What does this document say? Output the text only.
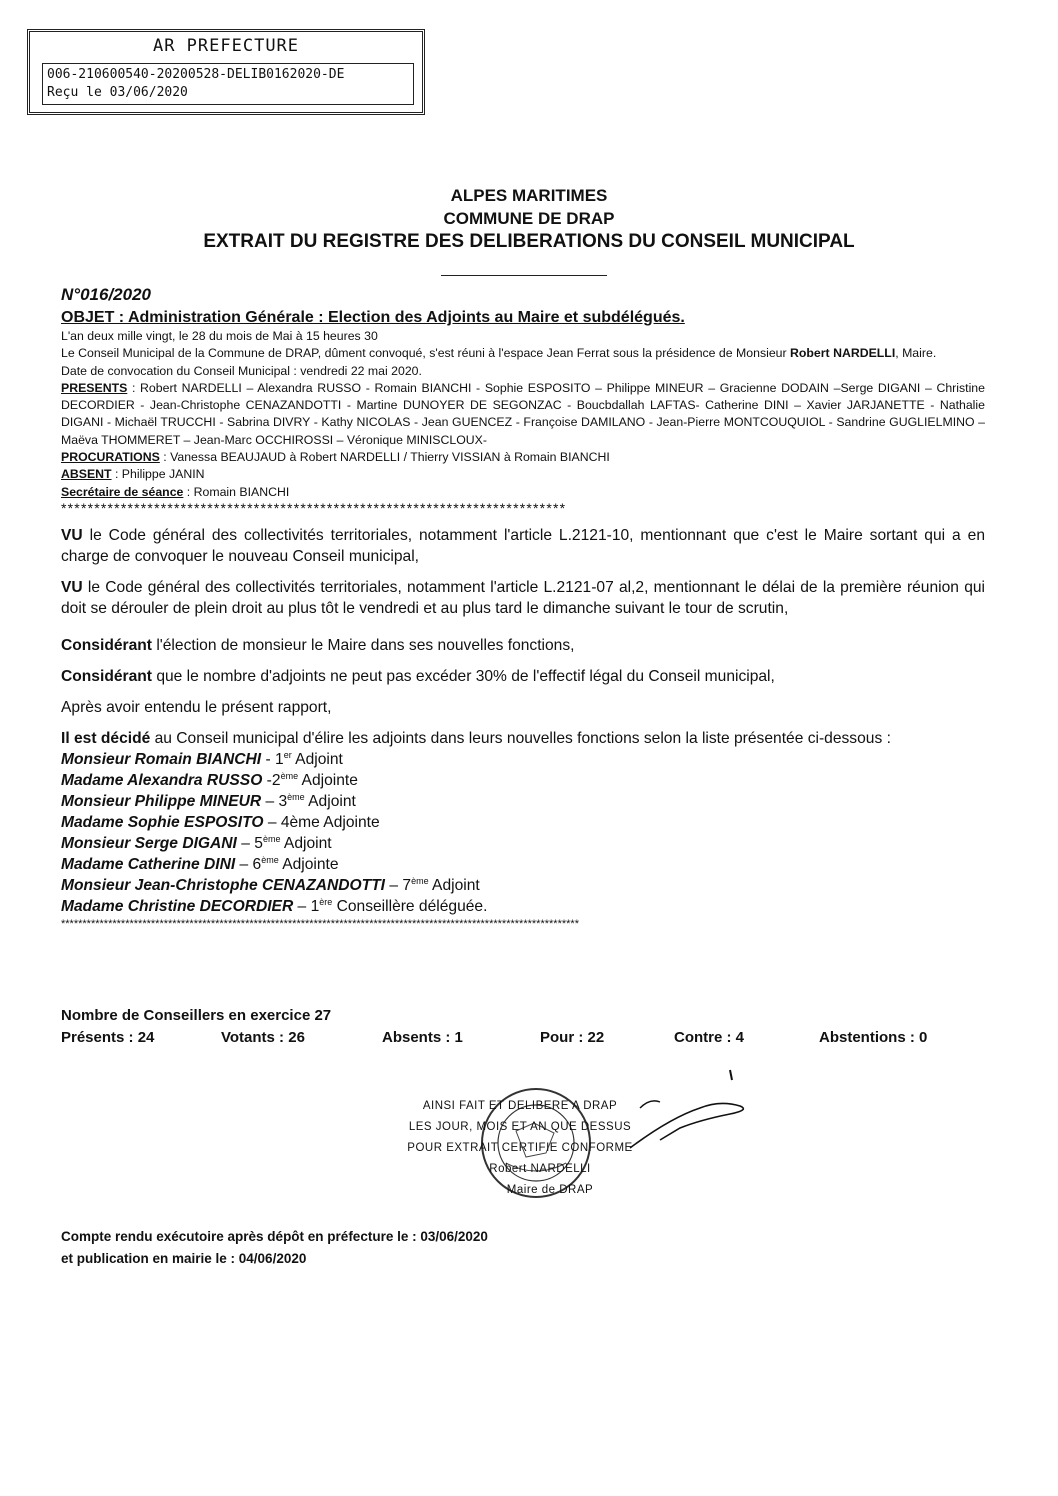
AR PREFECTURE
006-210600540-20200528-DELIB0162020-DE
Reçu le 03/06/2020
ALPES MARITIMES
COMMUNE DE DRAP
EXTRAIT DU REGISTRE DES DELIBERATIONS DU CONSEIL MUNICIPAL

N°016/2020

OBJET : Administration Générale : Election des Adjoints au Maire et subdélégués.

L'an deux mille vingt, le 28 du mois de Mai à 15 heures 30

Le Conseil Municipal de la Commune de DRAP, dûment convoqué, s'est réuni à l'espace Jean Ferrat sous la présidence de Monsieur Robert NARDELLI, Maire.

Date de convocation du Conseil Municipal : vendredi 22 mai 2020.

PRESENTS : Robert NARDELLI – Alexandra RUSSO - Romain BIANCHI - Sophie ESPOSITO – Philippe MINEUR – Gracienne DODAIN –Serge DIGANI – Christine DECORDIER - Jean-Christophe CENAZANDOTTI - Martine DUNOYER DE SEGONZAC - Boucbdallah LAFTAS- Catherine DINI – Xavier JARJANETTE - Nathalie DIGANI - Michaël TRUCCHI - Sabrina DIVRY - Kathy NICOLAS - Jean GUENCEZ - Françoise DAMILANO - Jean-Pierre MONTCOUQUIOL - Sandrine GUGLIELMINO –Maëva THOMMERET – Jean-Marc OCCHIROSSI – Véronique MINISCLOUX-

PROCURATIONS : Vanessa BEAUJAUD à Robert NARDELLI / Thierry VISSIAN à Romain BIANCHI

ABSENT : Philippe JANIN

Secrétaire de séance : Romain BIANCHI

****************************************************************************

VU le Code général des collectivités territoriales, notamment l'article L.2121-10, mentionnant que c'est le Maire sortant qui a en charge de convoquer le nouveau Conseil municipal,

VU le Code général des collectivités territoriales, notamment l'article L.2121-07 al,2, mentionnant le délai de la première réunion qui doit se dérouler de plein droit au plus tôt le vendredi et au plus tard le dimanche suivant le tour de scrutin,

Considérant l'élection de monsieur le Maire dans ses nouvelles fonctions,

Considérant que le nombre d'adjoints ne peut pas excéder 30% de l'effectif légal du Conseil municipal,

Après avoir entendu le présent rapport,

Il est décidé au Conseil municipal d'élire les adjoints dans leurs nouvelles fonctions selon la liste présentée ci-dessous :

Monsieur Romain BIANCHI - 1er Adjoint

Madame Alexandra RUSSO -2ème Adjointe

Monsieur Philippe MINEUR – 3ème Adjoint

Madame Sophie ESPOSITO – 4ème Adjointe

Monsieur Serge DIGANI – 5ème Adjoint

Madame Catherine DINI – 6ème Adjointe

Monsieur Jean-Christophe CENAZANDOTTI – 7ème Adjoint

Madame Christine DECORDIER – 1ère Conseillère déléguée.

*************************************************************************************************************************

Nombre de Conseillers en exercice 27
Présents : 24	Votants : 26	Absents : 1	Pour : 22	Contre : 4	Abstentions : 0
AINSI FAIT ET DELIBERE A DRAP
LES JOUR, MOIS ET AN QUE DESSUS
POUR EXTRAIT CERTIFIE CONFORME
Robert NARDELLI
Maire de DRAP
Compte rendu exécutoire après dépôt en préfecture le : 03/06/2020
et publication en mairie le : 04/06/2020
